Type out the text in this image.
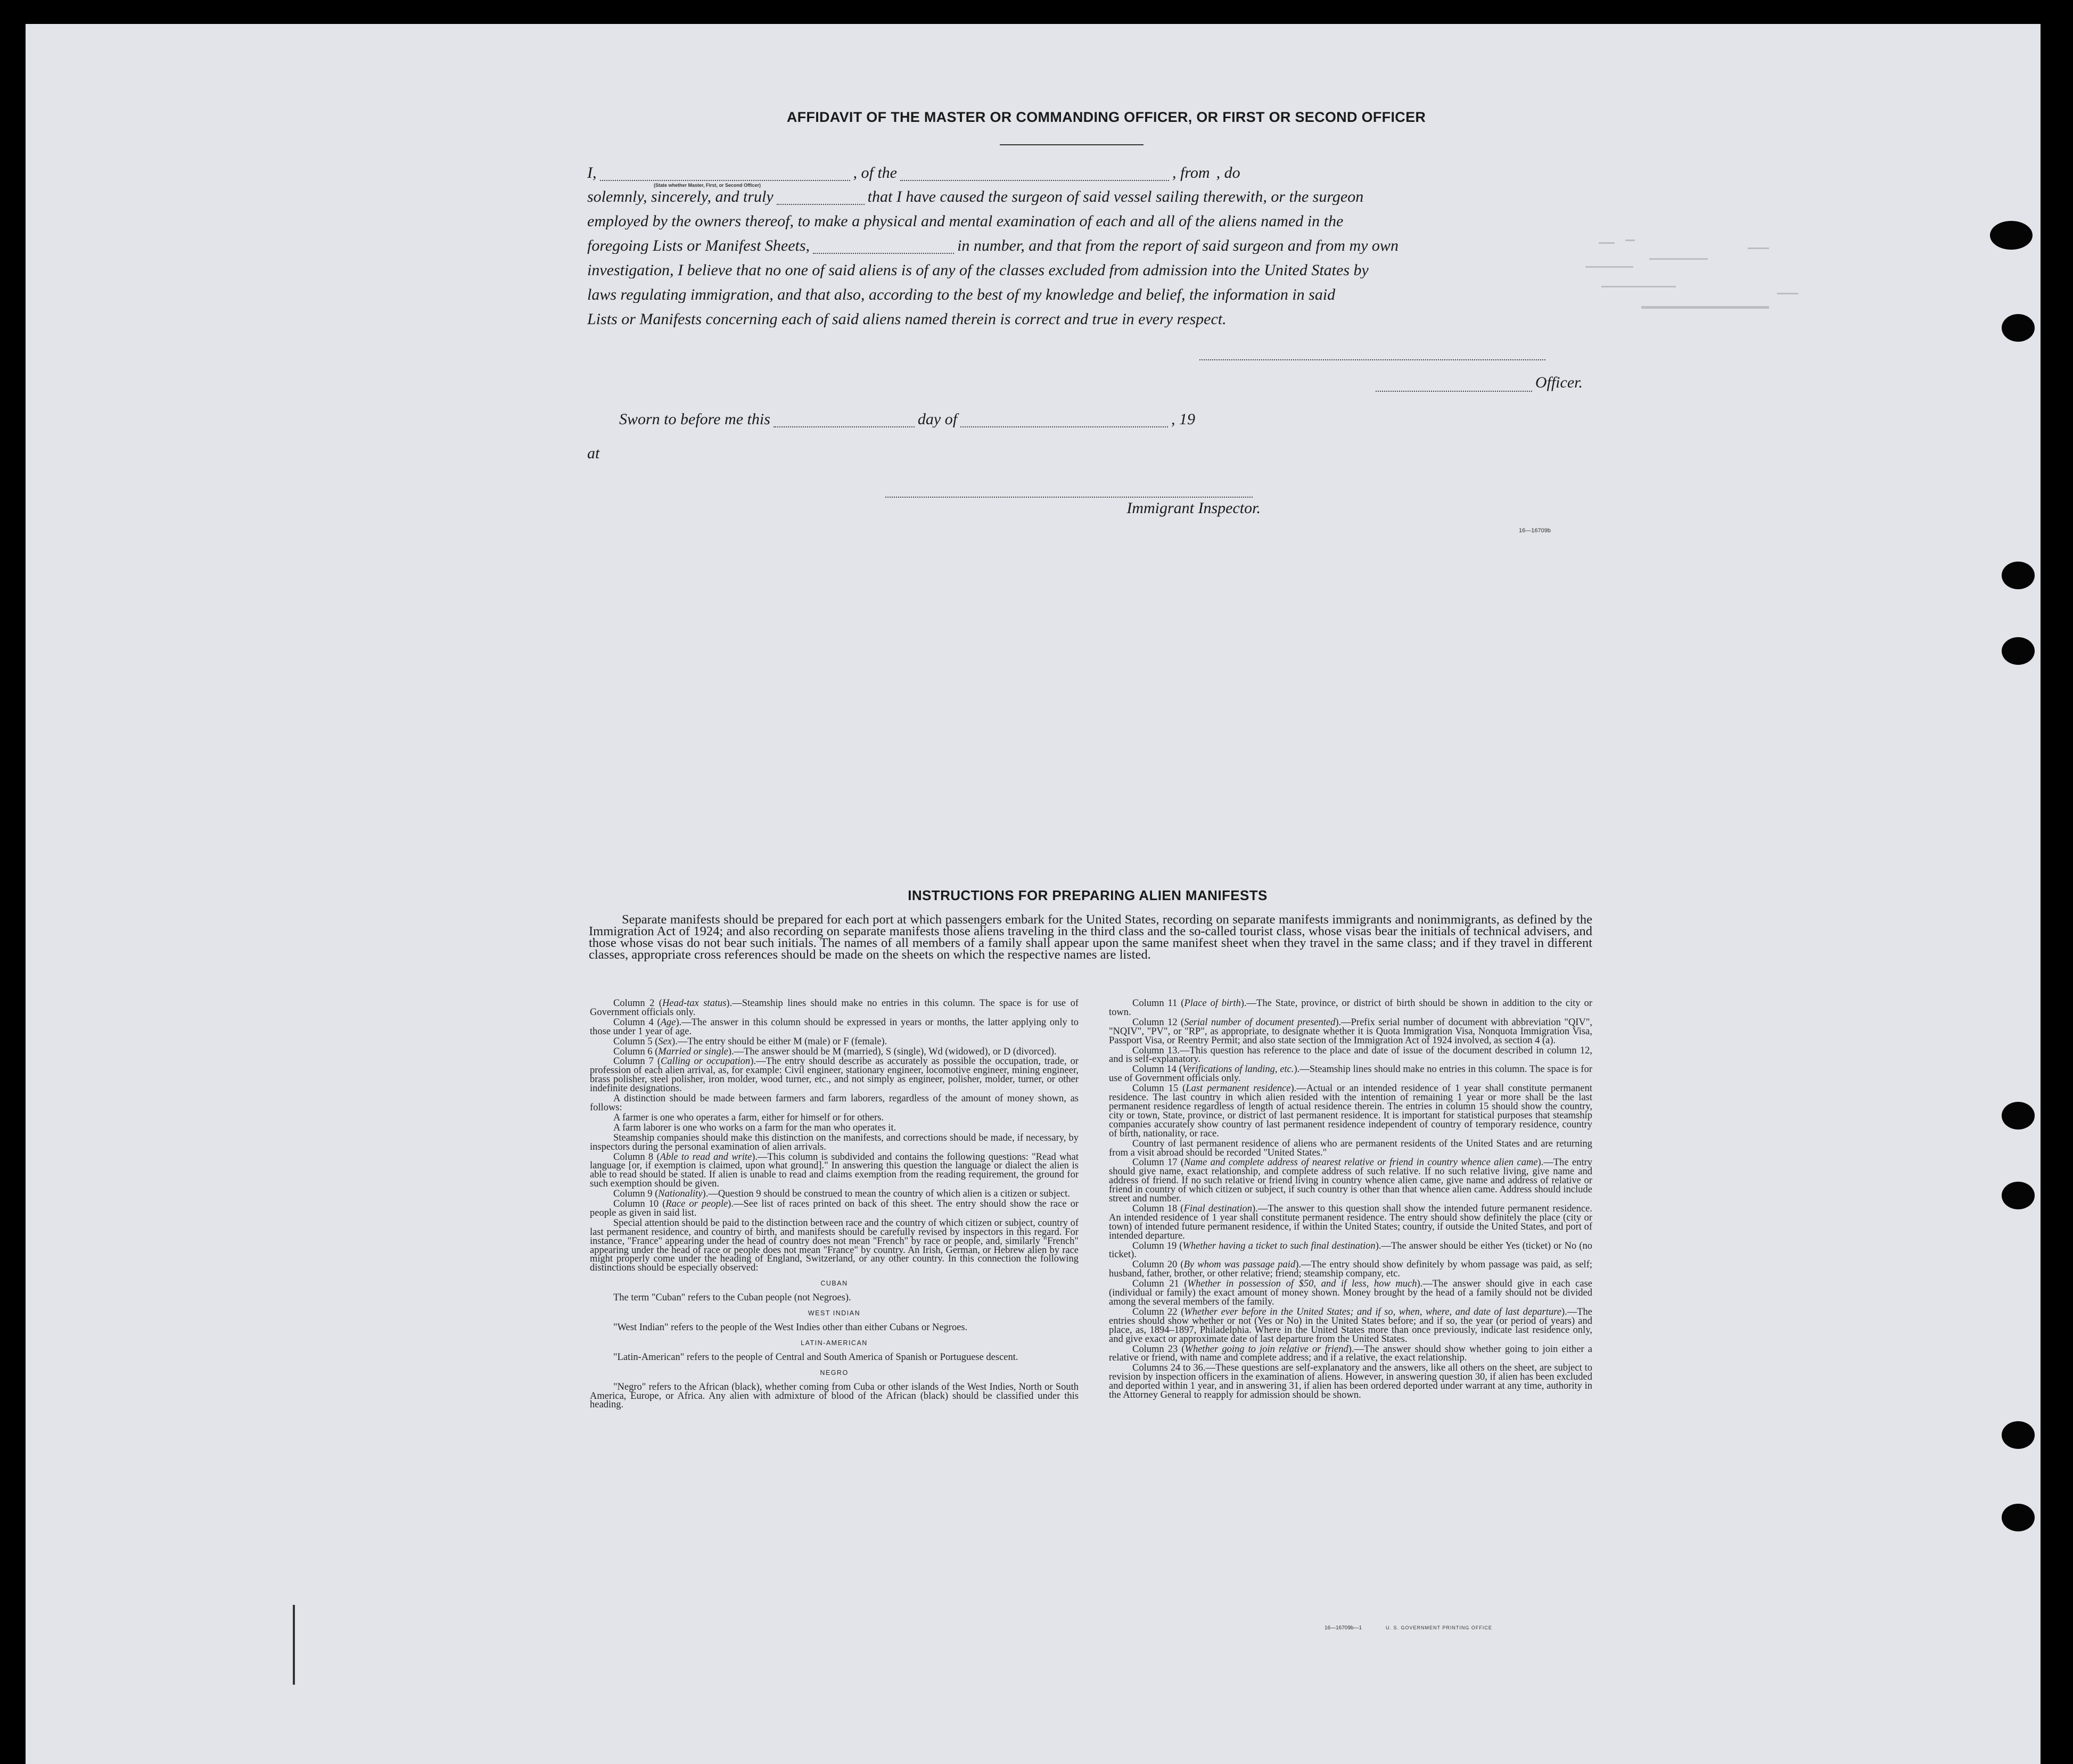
AFFIDAVIT OF THE MASTER OR COMMANDING OFFICER, OR FIRST OR SECOND OFFICER
I,	, of the	, from , do
(State whether Master, First, or Second Officer)
solemnly, sincerely, and truly	that I have caused the surgeon of said vessel sailing therewith, or the surgeon
employed by the owners thereof, to make a physical and mental examination of each and all of the aliens named in the
foregoing Lists or Manifest Sheets,	in number, and that from the report of said surgeon and from my own
investigation, I believe that no one of said aliens is of any of the classes excluded from admission into the United States by
laws regulating immigration, and that also, according to the best of my knowledge and belief, the information in said
Lists or Manifests concerning each of said aliens named therein is correct and true in every respect.
Officer.
Sworn to before me this	day of	, 19
at
Immigrant Inspector.
16—16709b
INSTRUCTIONS FOR PREPARING ALIEN MANIFESTS
Separate manifests should be prepared for each port at which passengers embark for the United States, recording on separate manifests immigrants and nonimmigrants, as defined by the Immigration Act of 1924; and also recording on separate manifests those aliens traveling in the third class and the so-called tourist class, whose visas bear the initials of technical advisers, and those whose visas do not bear such initials. The names of all members of a family shall appear upon the same manifest sheet when they travel in the same class; and if they travel in different classes, appropriate cross references should be made on the sheets on which the respective names are listed.

Column 2 (Head-tax status).—Steamship lines should make no entries in this column. The space is for use of Government officials only.

Column 4 (Age).—The answer in this column should be expressed in years or months, the latter applying only to those under 1 year of age.

Column 5 (Sex).—The entry should be either M (male) or F (female).

Column 6 (Married or single).—The answer should be M (married), S (single), Wd (widowed), or D (divorced).

Column 7 (Calling or occupation).—The entry should describe as accurately as possible the occupation, trade, or profession of each alien arrival, as, for example: Civil engineer, stationary engineer, locomotive engineer, mining engineer, brass polisher, steel polisher, iron molder, wood turner, etc., and not simply as engineer, polisher, molder, turner, or other indefinite designations.

A distinction should be made between farmers and farm laborers, regardless of the amount of money shown, as follows:

A farmer is one who operates a farm, either for himself or for others.

A farm laborer is one who works on a farm for the man who operates it.

Steamship companies should make this distinction on the manifests, and corrections should be made, if necessary, by inspectors during the personal examination of alien arrivals.

Column 8 (Able to read and write).—This column is subdivided and contains the following questions: "Read what language [or, if exemption is claimed, upon what ground]." In answering this question the language or dialect the alien is able to read should be stated. If alien is unable to read and claims exemption from the reading requirement, the ground for such exemption should be given.

Column 9 (Nationality).—Question 9 should be construed to mean the country of which alien is a citizen or subject.

Column 10 (Race or people).—See list of races printed on back of this sheet. The entry should show the race or people as given in said list.

Special attention should be paid to the distinction between race and the country of which citizen or subject, country of last permanent residence, and country of birth, and manifests should be carefully revised by inspectors in this regard. For instance, "France" appearing under the head of country does not mean "French" by race or people, and, similarly "French" appearing under the head of race or people does not mean "France" by country. An Irish, German, or Hebrew alien by race might properly come under the heading of England, Switzerland, or any other country. In this connection the following distinctions should be especially observed:

CUBAN

The term "Cuban" refers to the Cuban people (not Negroes).

WEST INDIAN

"West Indian" refers to the people of the West Indies other than either Cubans or Negroes.

LATIN-AMERICAN

"Latin-American" refers to the people of Central and South America of Spanish or Portuguese descent.

NEGRO

"Negro" refers to the African (black), whether coming from Cuba or other islands of the West Indies, North or South America, Europe, or Africa. Any alien with admixture of blood of the African (black) should be classified under this heading.

Column 11 (Place of birth).—The State, province, or district of birth should be shown in addition to the city or town.

Column 12 (Serial number of document presented).—Prefix serial number of document with abbreviation "QIV", "NQIV", "PV", or "RP", as appropriate, to designate whether it is Quota Immigration Visa, Nonquota Immigration Visa, Passport Visa, or Reentry Permit; and also state section of the Immigration Act of 1924 involved, as section 4 (a).

Column 13.—This question has reference to the place and date of issue of the document described in column 12, and is self-explanatory.

Column 14 (Verifications of landing, etc.).—Steamship lines should make no entries in this column. The space is for use of Government officials only.

Column 15 (Last permanent residence).—Actual or an intended residence of 1 year shall constitute permanent residence. The last country in which alien resided with the intention of remaining 1 year or more shall be the last permanent residence regardless of length of actual residence therein. The entries in column 15 should show the country, city or town, State, province, or district of last permanent residence. It is important for statistical purposes that steamship companies accurately show country of last permanent residence independent of country of temporary residence, country of birth, nationality, or race.

Country of last permanent residence of aliens who are permanent residents of the United States and are returning from a visit abroad should be recorded "United States."

Column 17 (Name and complete address of nearest relative or friend in country whence alien came).—The entry should give name, exact relationship, and complete address of such relative. If no such relative living, give name and address of friend. If no such relative or friend living in country whence alien came, give name and address of relative or friend in country of which citizen or subject, if such country is other than that whence alien came. Address should include street and number.

Column 18 (Final destination).—The answer to this question shall show the intended future permanent residence. An intended residence of 1 year shall constitute permanent residence. The entry should show definitely the place (city or town) of intended future permanent residence, if within the United States; country, if outside the United States, and port of intended departure.

Column 19 (Whether having a ticket to such final destination).—The answer should be either Yes (ticket) or No (no ticket).

Column 20 (By whom was passage paid).—The entry should show definitely by whom passage was paid, as self; husband, father, brother, or other relative; friend; steamship company, etc.

Column 21 (Whether in possession of $50, and if less, how much).—The answer should give in each case (individual or family) the exact amount of money shown. Money brought by the head of a family should not be divided among the several members of the family.

Column 22 (Whether ever before in the United States; and if so, when, where, and date of last departure).—The entries should show whether or not (Yes or No) in the United States before; and if so, the year (or period of years) and place, as, 1894–1897, Philadelphia. Where in the United States more than once previously, indicate last residence only, and give exact or approximate date of last departure from the United States.

Column 23 (Whether going to join relative or friend).—The answer should show whether going to join either a relative or friend, with name and complete address; and if a relative, the exact relationship.

Columns 24 to 36.—These questions are self-explanatory and the answers, like all others on the sheet, are subject to revision by inspection officers in the examination of aliens. However, in answering question 30, if alien has been excluded and deported within 1 year, and in answering 31, if alien has been ordered deported under warrant at any time, authority in the Attorney General to reapply for admission should be shown.

16—16709b—1	U. S. GOVERNMENT PRINTING OFFICE
